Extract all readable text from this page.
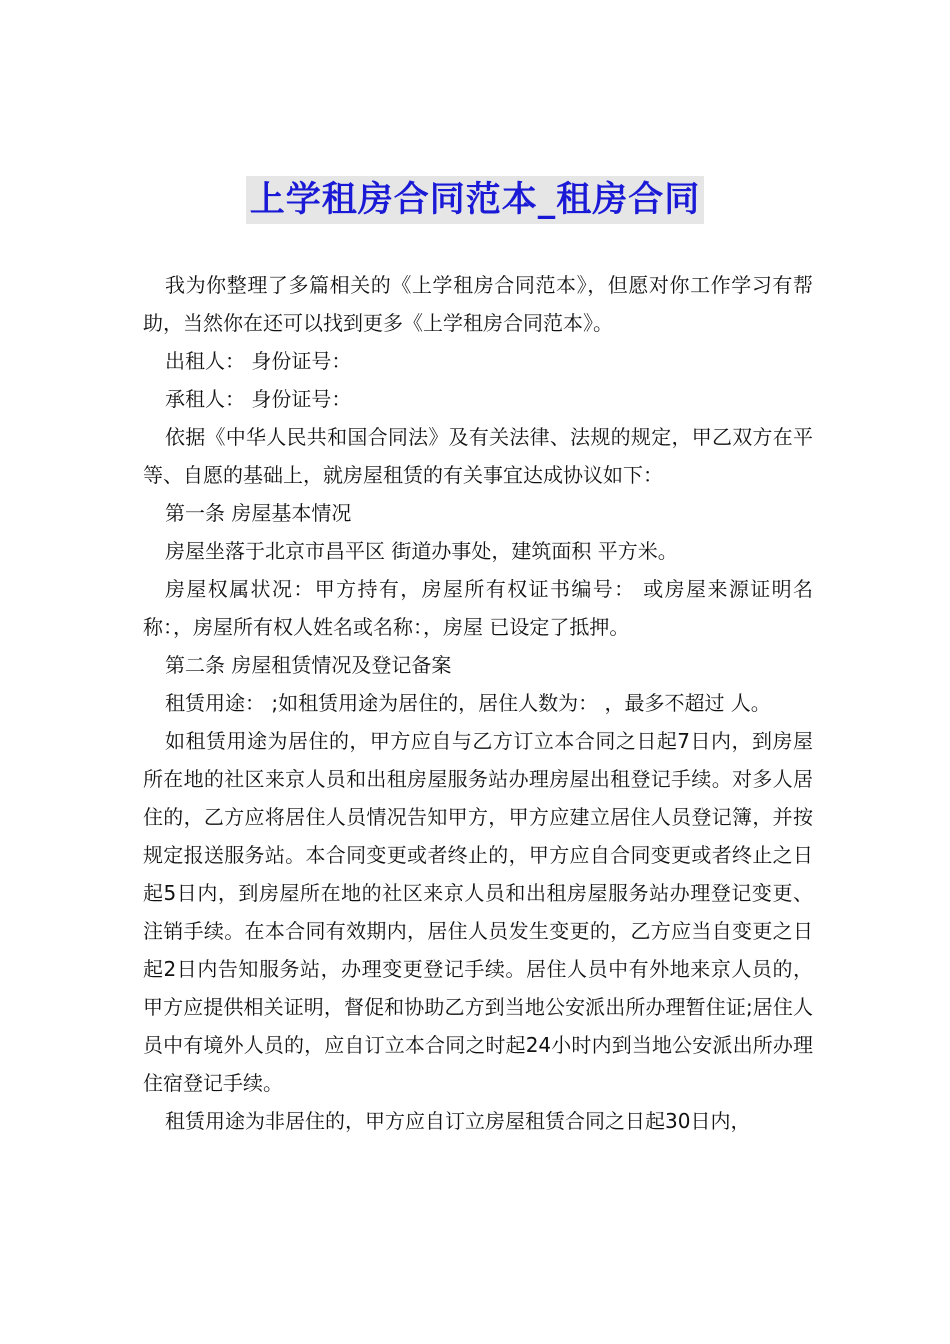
上学租房合同范本_租房合同

我为你整理了多篇相关的《上学租房合同范本》，但愿对你工作学习有帮助，当然你在还可以找到更多《上学租房合同范本》。

出租人： 身份证号：

承租人： 身份证号：

依据《中华人民共和国合同法》及有关法律、法规的规定，甲乙双方在平等、自愿的基础上，就房屋租赁的有关事宜达成协议如下：

第一条 房屋基本情况

房屋坐落于北京市昌平区 街道办事处，建筑面积 平方米。

房屋权属状况：甲方持有，房屋所有权证书编号： 或房屋来源证明名称：，房屋所有权人姓名或名称：，房屋 已设定了抵押。

第二条 房屋租赁情况及登记备案

租赁用途： ;如租赁用途为居住的，居住人数为： ，最多不超过 人。

如租赁用途为居住的，甲方应自与乙方订立本合同之日起7日内，到房屋所在地的社区来京人员和出租房屋服务站办理房屋出租登记手续。对多人居住的，乙方应将居住人员情况告知甲方，甲方应建立居住人员登记簿，并按规定报送服务站。本合同变更或者终止的，甲方应自合同变更或者终止之日起5日内，到房屋所在地的社区来京人员和出租房屋服务站办理登记变更、注销手续。在本合同有效期内，居住人员发生变更的，乙方应当自变更之日起2日内告知服务站，办理变更登记手续。居住人员中有外地来京人员的，甲方应提供相关证明，督促和协助乙方到当地公安派出所办理暂住证;居住人员中有境外人员的，应自订立本合同之时起24小时内到当地公安派出所办理住宿登记手续。

租赁用途为非居住的，甲方应自订立房屋租赁合同之日起30日内，
